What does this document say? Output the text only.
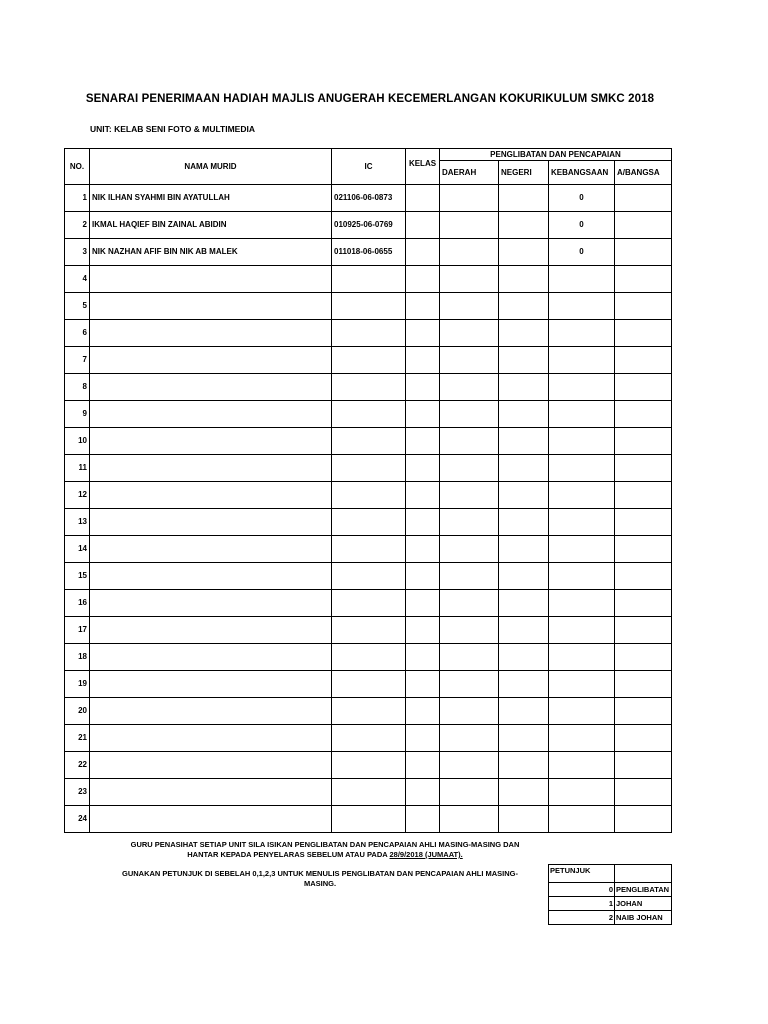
SENARAI PENERIMAAN HADIAH MAJLIS ANUGERAH KECEMERLANGAN KOKURIKULUM SMKC 2018
UNIT: KELAB SENI FOTO & MULTIMEDIA
NO.	NAMA MURID	IC	KELAS	PENGLIBATAN DAN PENCAPAIAN			
				DAERAH	NEGERI	KEBANGSAAN	A/BANGSA
1	NIK ILHAN SYAHMI BIN AYATULLAH	021106-06-0873				0	
2	IKMAL HAQIEF BIN ZAINAL ABIDIN	010925-06-0769				0	
3	NIK NAZHAN AFIF BIN NIK AB MALEK	011018-06-0655				0	
4							
5							
6							
7							
8							
9							
10							
11							
12							
13							
14							
15							
16							
17							
18							
19							
20							
21							
22							
23							
24							
GURU PENASIHAT SETIAP UNIT SILA ISIKAN PENGLIBATAN DAN PENCAPAIAN AHLI MASING-MASING DAN
HANTAR KEPADA PENYELARAS SEBELUM ATAU PADA 28/9/2018 (JUMAAT).
GUNAKAN PETUNJUK DI SEBELAH 0,1,2,3 UNTUK MENULIS PENGLIBATAN DAN PENCAPAIAN AHLI MASING-
MASING.
PETUNJUK	
0	PENGLIBATAN
1	JOHAN
2	NAIB JOHAN
